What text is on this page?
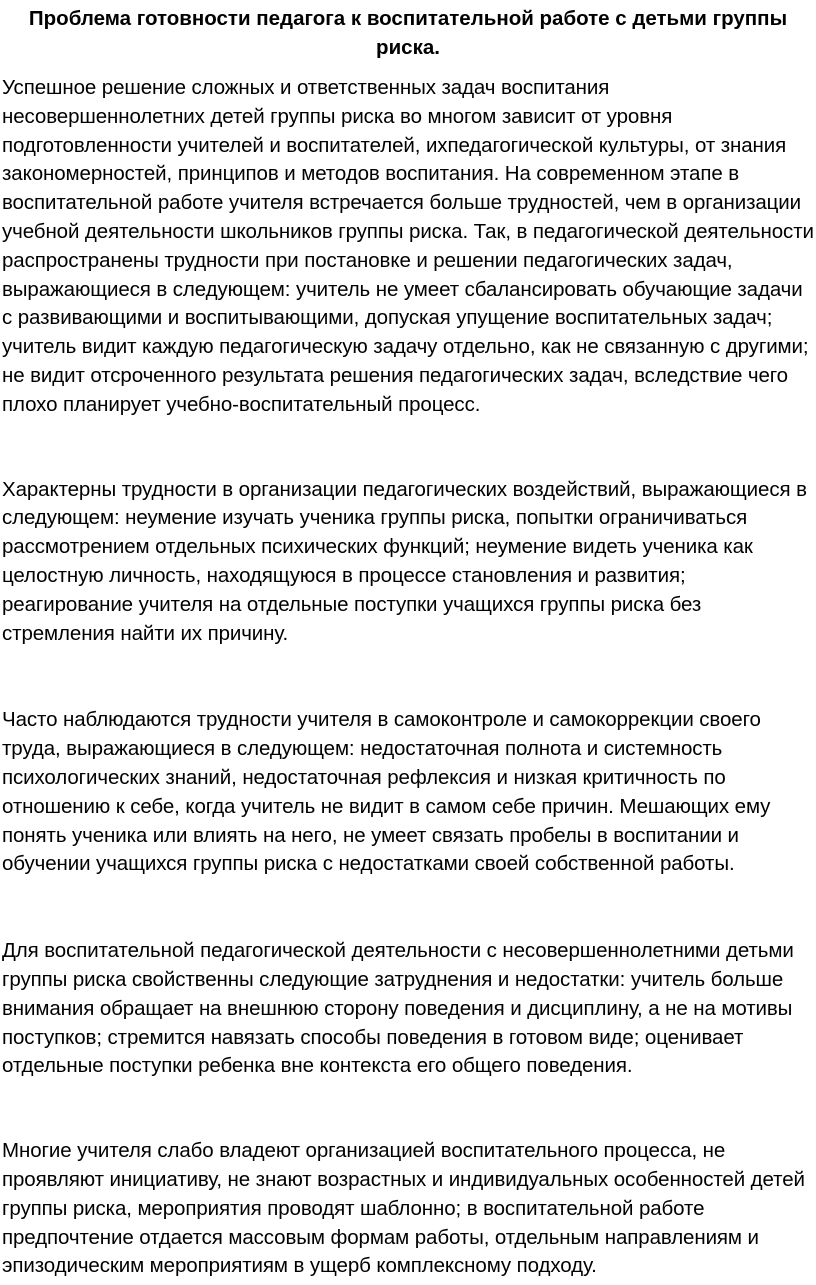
Проблема готовности педагога к воспитательной работе с детьми группы риска.

Успешное решение сложных и ответственных задач воспитания несовершеннолетних детей группы риска во многом зависит от уровня подготовленности учителей и воспитателей, ихпедагогической культуры, от знания закономерностей, принципов и методов воспитания. На современном этапе в воспитательной работе учителя встречается больше трудностей, чем в организации учебной деятельности школьников группы риска. Так, в педагогической деятельности распространены трудности при постановке и решении педагогических задач, выражающиеся в следующем: учитель не умеет сбалансировать обучающие задачи с развивающими и воспитывающими, допуская упущение воспитательных задач; учитель видит каждую педагогическую задачу отдельно, как не связанную с другими; не видит отсроченного результата решения педагогических задач, вследствие чего плохо планирует учебно-воспитательный процесс.

Характерны трудности в организации педагогических воздействий, выражающиеся в следующем: неумение изучать ученика группы риска, попытки ограничиваться рассмотрением отдельных психических функций; неумение видеть ученика как целостную личность, находящуюся в процессе становления и развития; реагирование учителя на отдельные поступки учащихся группы риска без стремления найти их причину.

Часто наблюдаются трудности учителя в самоконтроле и самокоррекции своего труда, выражающиеся в следующем: недостаточная полнота и системность психологических знаний, недостаточная рефлексия и низкая критичность по отношению к себе, когда учитель не видит в самом себе причин. Мешающих ему понять ученика или влиять на него, не умеет связать пробелы в воспитании и обучении учащихся группы риска с недостатками своей собственной работы.

Для воспитательной педагогической деятельности с несовершеннолетними детьми группы риска свойственны следующие затруднения и недостатки: учитель больше внимания обращает на внешнюю сторону поведения и дисциплину, а не на мотивы поступков; стремится навязать способы поведения в готовом виде; оценивает отдельные поступки ребенка вне контекста его общего поведения.

Многие учителя слабо владеют организацией воспитательного процесса, не проявляют инициативу, не знают возрастных и индивидуальных особенностей детей группы риска, мероприятия проводят шаблонно; в воспитательной работе предпочтение отдается массовым формам работы, отдельным направлениям и эпизодическим мероприятиям в ущерб комплексному подходу.
